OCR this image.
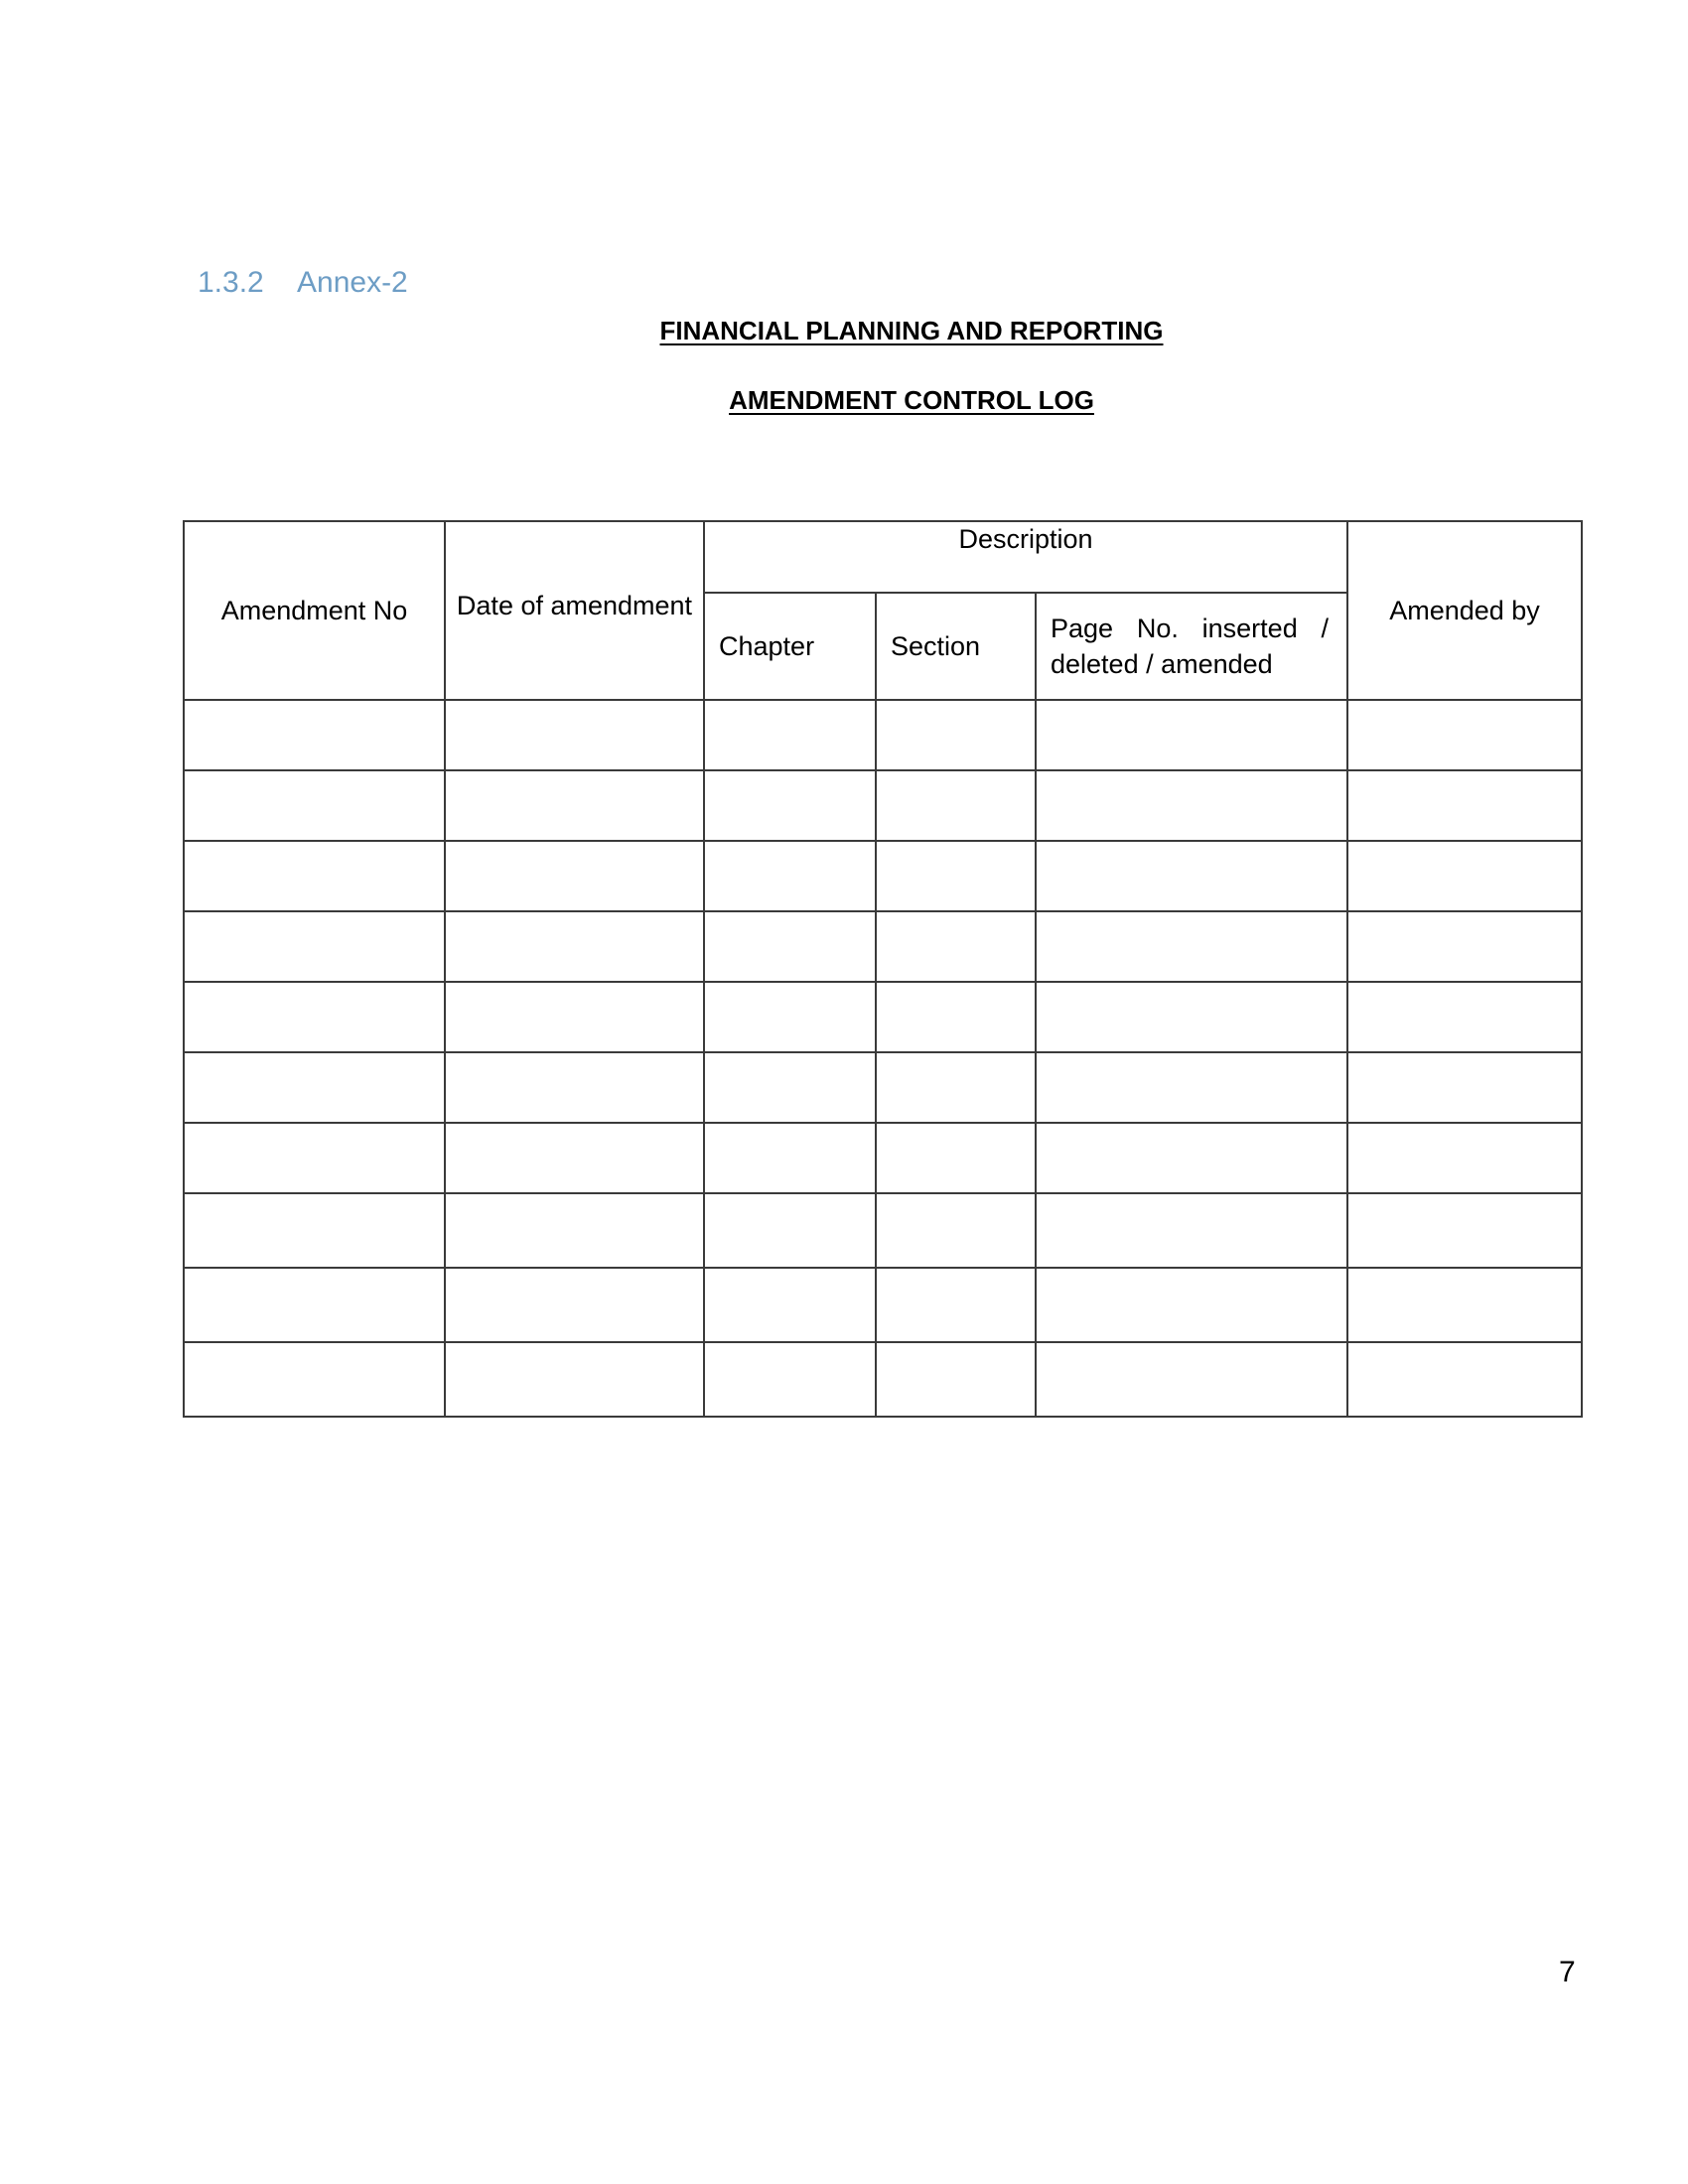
1.3.2 Annex-2
FINANCIAL PLANNING AND REPORTING
AMENDMENT CONTROL LOG
Amendment No	Date of amendment	Description			Amended by
		Chapter	Section	Page No. inserted / deleted / amended	

7
